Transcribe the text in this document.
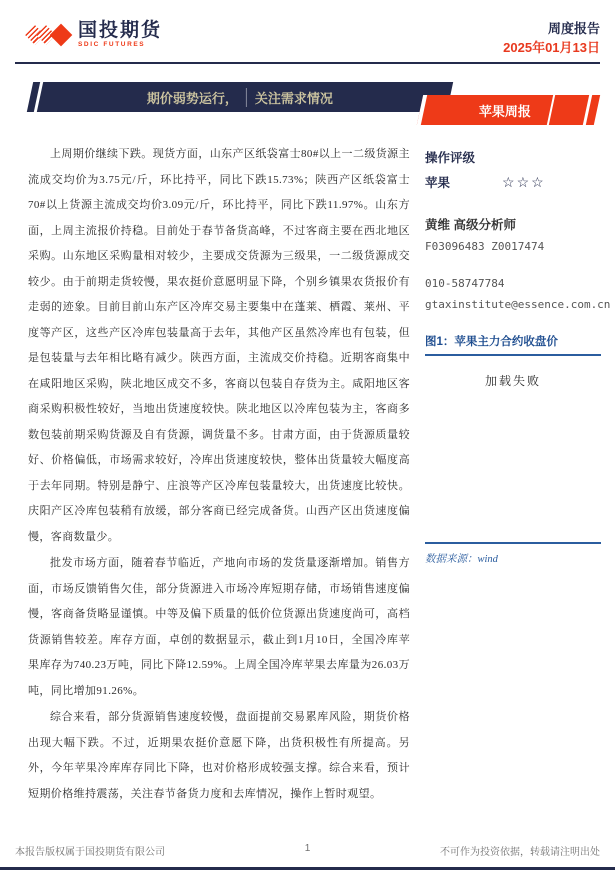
国投期货
SDIC FUTURES
周度报告
2025年01月13日
期价弱势运行，	关注需求情况
苹果周报

上周期价继续下跌。现货方面，山东产区纸袋富士80#以上一二级货源主流成交均价为3.75元/斤，环比持平，同比下跌15.73%；陕西产区纸袋富士70#以上货源主流成交均价3.09元/斤，环比持平，同比下跌11.97%。山东方面，上周主流报价持稳。目前处于春节备货高峰，不过客商主要在西北地区采购。山东地区采购量相对较少，主要成交货源为三级果，一二级货源成交较少。由于前期走货较慢，果农挺价意愿明显下降，个别乡镇果农货报价有走弱的迹象。目前目前山东产区冷库交易主要集中在蓬莱、栖霞、莱州、平度等产区，这些产区冷库包装量高于去年，其他产区虽然冷库也有包装，但是包装量与去年相比略有减少。陕西方面，主流成交价持稳。近期客商集中在咸阳地区采购，陕北地区成交不多，客商以包装自存货为主。咸阳地区客商采购积极性较好，当地出货速度较快。陕北地区以冷库包装为主，客商多数包装前期采购货源及自有货源，调货量不多。甘肃方面，由于货源质量较好、价格偏低，市场需求较好，冷库出货速度较快，整体出货量较大幅度高于去年同期。特别是静宁、庄浪等产区冷库包装量较大，出货速度比较快。庆阳产区冷库包装稍有放缓，部分客商已经完成备货。山西产区出货速度偏慢，客商数量少。

批发市场方面，随着春节临近，产地向市场的发货量逐渐增加。销售方面，市场反馈销售欠佳，部分货源进入市场冷库短期存储，市场销售速度偏慢，客商备货略显谨慎。中等及偏下质量的低价位货源出货速度尚可，高档货源销售较差。库存方面，卓创的数据显示，截止到1月10日，全国冷库苹果库存为740.23万吨，同比下降12.59%。上周全国冷库苹果去库量为26.03万吨，同比增加91.26%。

综合来看，部分货源销售速度较慢，盘面提前交易累库风险，期货价格出现大幅下跌。不过，近期果农挺价意愿下降，出货积极性有所提高。另外，今年苹果冷库库存同比下降，也对价格形成较强支撑。综合来看，预计短期价格维持震荡，关注春节备货力度和去库情况，操作上暂时观望。

操作评级
苹果	☆☆☆
黄维 高级分析师
F03096483 Z0017474
010-58747784
gtaxinstitute@essence.com.cn
图1：苹果主力合约收盘价
加载失败
数据来源：wind
本报告版权属于国投期货有限公司	1	不可作为投资依据，转载请注明出处
